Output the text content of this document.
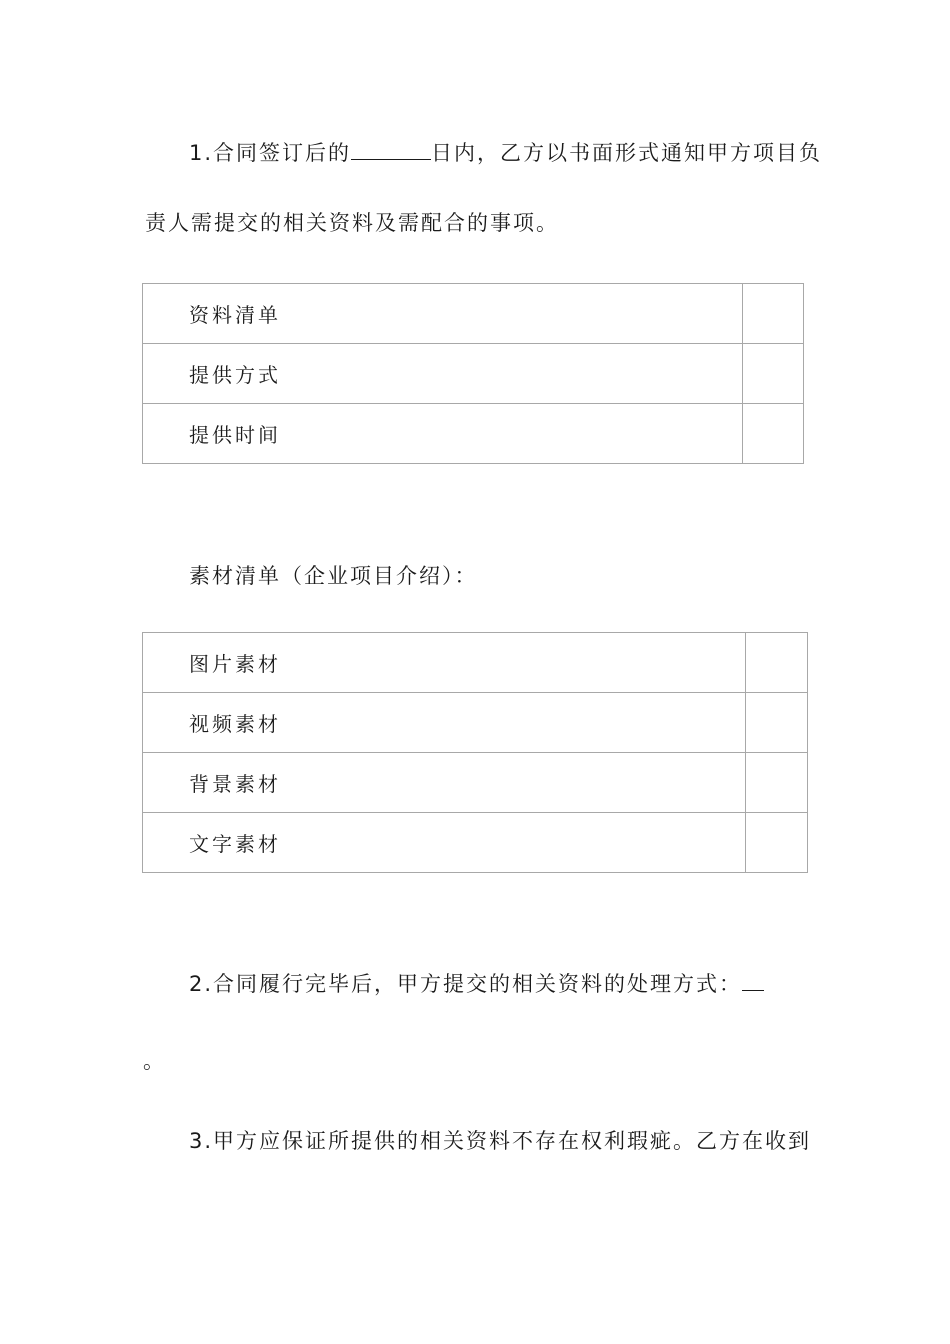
1.合同签订后的	日内，乙方以书面形式通知甲方项目负
责人需提交的相关资料及需配合的事项。
资料清单	
提供方式	
提供时间	
素材清单（企业项目介绍）：
图片素材	
视频素材	
背景素材	
文字素材	
2.合同履行完毕后，甲方提交的相关资料的处理方式：
。
3.甲方应保证所提供的相关资料不存在权利瑕疵。乙方在收到
